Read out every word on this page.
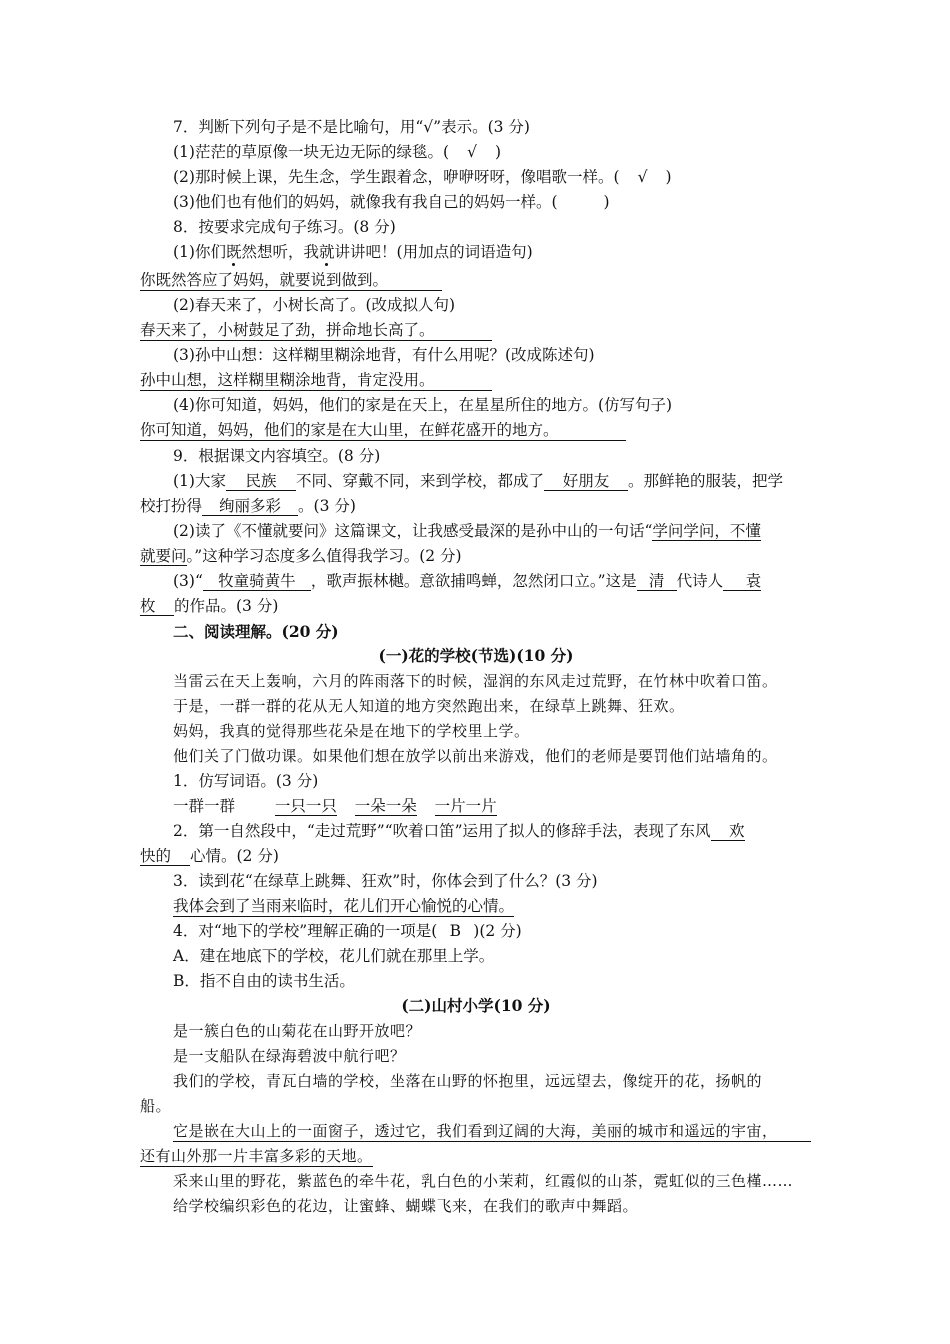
7．判断下列句子是不是比喻句，用“√”表示。(3 分)
(1)茫茫的草原像一块无边无际的绿毯。( √ )
(2)那时候上课，先生念，学生跟着念，咿咿呀呀，像唱歌一样。( √ )
(3)他们也有他们的妈妈，就像我有我自己的妈妈一样。(	)
8．按要求完成句子练习。(8 分)
(1)你们既然想听，我就讲讲吧！(用加点的词语造句)
你既然答应了妈妈，就要说到做到。
(2)春天来了，小树长高了。(改成拟人句)
春天来了，小树鼓足了劲，拼命地长高了。
(3)孙中山想：这样糊里糊涂地背，有什么用呢？(改成陈述句)
孙中山想，这样糊里糊涂地背，肯定没用。
(4)你可知道，妈妈，他们的家是在天上，在星星所住的地方。(仿写句子)
你可知道，妈妈，他们的家是在大山里，在鲜花盛开的地方。
9．根据课文内容填空。(8 分)
(1)大家 民族 不同、穿戴不同，来到学校，都成了 好朋友 。那鲜艳的服装，把学
校打扮得 绚丽多彩 。(3 分)
(2)读了《不懂就要问》这篇课文，让我感受最深的是孙中山的一句话“学问学问，不懂
就要问。”这种学习态度多么值得我学习。(2 分)
(3)“ 牧童骑黄牛 ，歌声振林樾。意欲捕鸣蝉，忽然闭口立。”这是 清 代诗人 袁
枚 的作品。(3 分)
二、阅读理解。(20 分)
(一)花的学校(节选)(10 分)
当雷云在天上轰响，六月的阵雨落下的时候，湿润的东风走过荒野，在竹林中吹着口笛。
于是，一群一群的花从无人知道的地方突然跑出来，在绿草上跳舞、狂欢。
妈妈，我真的觉得那些花朵是在地下的学校里上学。
他们关了门做功课。如果他们想在放学以前出来游戏，他们的老师是要罚他们站墙角的。
1．仿写词语。(3 分)
一群一群	一只一只 一朵一朵 一片一片
2．第一自然段中，“走过荒野”“吹着口笛”运用了拟人的修辞手法，表现了东风 欢
快的 心情。(2 分)
3．读到花“在绿草上跳舞、狂欢”时，你体会到了什么？(3 分)
我体会到了当雨来临时，花儿们开心愉悦的心情。
4．对“地下的学校”理解正确的一项是( B )(2 分)
A．建在地底下的学校，花儿们就在那里上学。
B．指不自由的读书生活。
(二)山村小学(10 分)
是一簇白色的山菊花在山野开放吧？
是一支船队在绿海碧波中航行吧？
我们的学校，青瓦白墙的学校，坐落在山野的怀抱里，远远望去，像绽开的花，扬帆的
船。
它是嵌在大山上的一面窗子，透过它，我们看到辽阔的大海，美丽的城市和遥远的宇宙，
还有山外那一片丰富多彩的天地。
采来山里的野花，紫蓝色的牵牛花，乳白色的小茉莉，红霞似的山茶，霓虹似的三色槿……
给学校编织彩色的花边，让蜜蜂、蝴蝶飞来，在我们的歌声中舞蹈。
